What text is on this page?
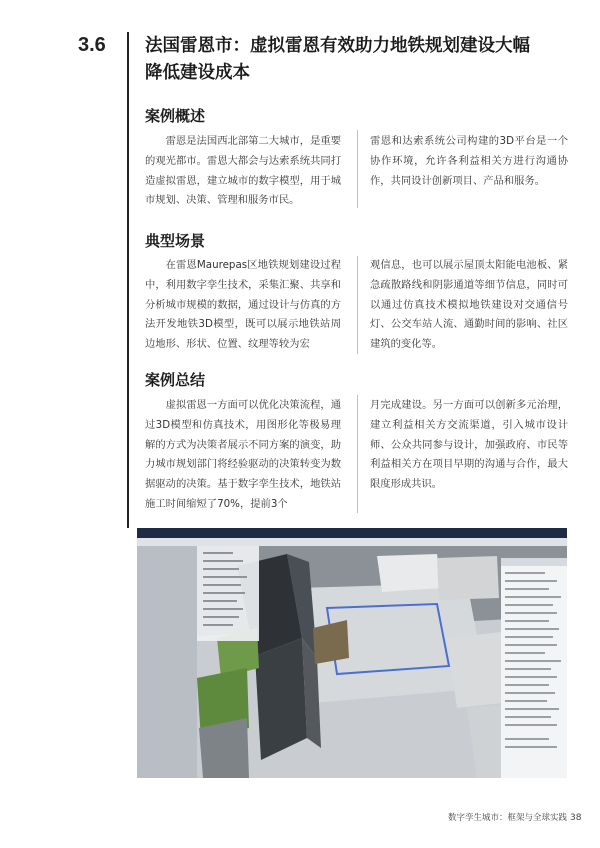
3.6 法国雷恩市：虚拟雷恩有效助力地铁规划建设大幅
降低建设成本
案例概述

雷恩是法国西北部第二大城市，是重要的观光都市。雷恩大都会与达索系统共同打造虚拟雷恩，建立城市的数字模型，用于城市规划、决策、管理和服务市民。

雷恩和达索系统公司构建的3D平台是一个协作环境，允许各利益相关方进行沟通协作，共同设计创新项目、产品和服务。

典型场景

在雷恩Maurepas区地铁规划建设过程中，利用数字孪生技术，采集汇聚、共享和分析城市规模的数据，通过设计与仿真的方法开发地铁3D模型，既可以展示地铁站周边地形、形状、位置、纹理等较为宏

观信息，也可以展示屋顶太阳能电池板、紧急疏散路线和阴影通道等细节信息，同时可以通过仿真技术模拟地铁建设对交通信号灯、公交车站人流、通勤时间的影响、社区建筑的变化等。

案例总结

虚拟雷恩一方面可以优化决策流程，通过3D模型和仿真技术，用图形化等极易理解的方式为决策者展示不同方案的演变，助力城市规划部门将经验驱动的决策转变为数据驱动的决策。基于数字孪生技术，地铁站施工时间缩短了70%，提前3个

月完成建设。另一方面可以创新多元治理，建立利益相关方交流渠道，引入城市设计师、公众共同参与设计，加强政府、市民等利益相关方在项目早期的沟通与合作，最大限度形成共识。

数字孪生城市：框架与全球实践 38
